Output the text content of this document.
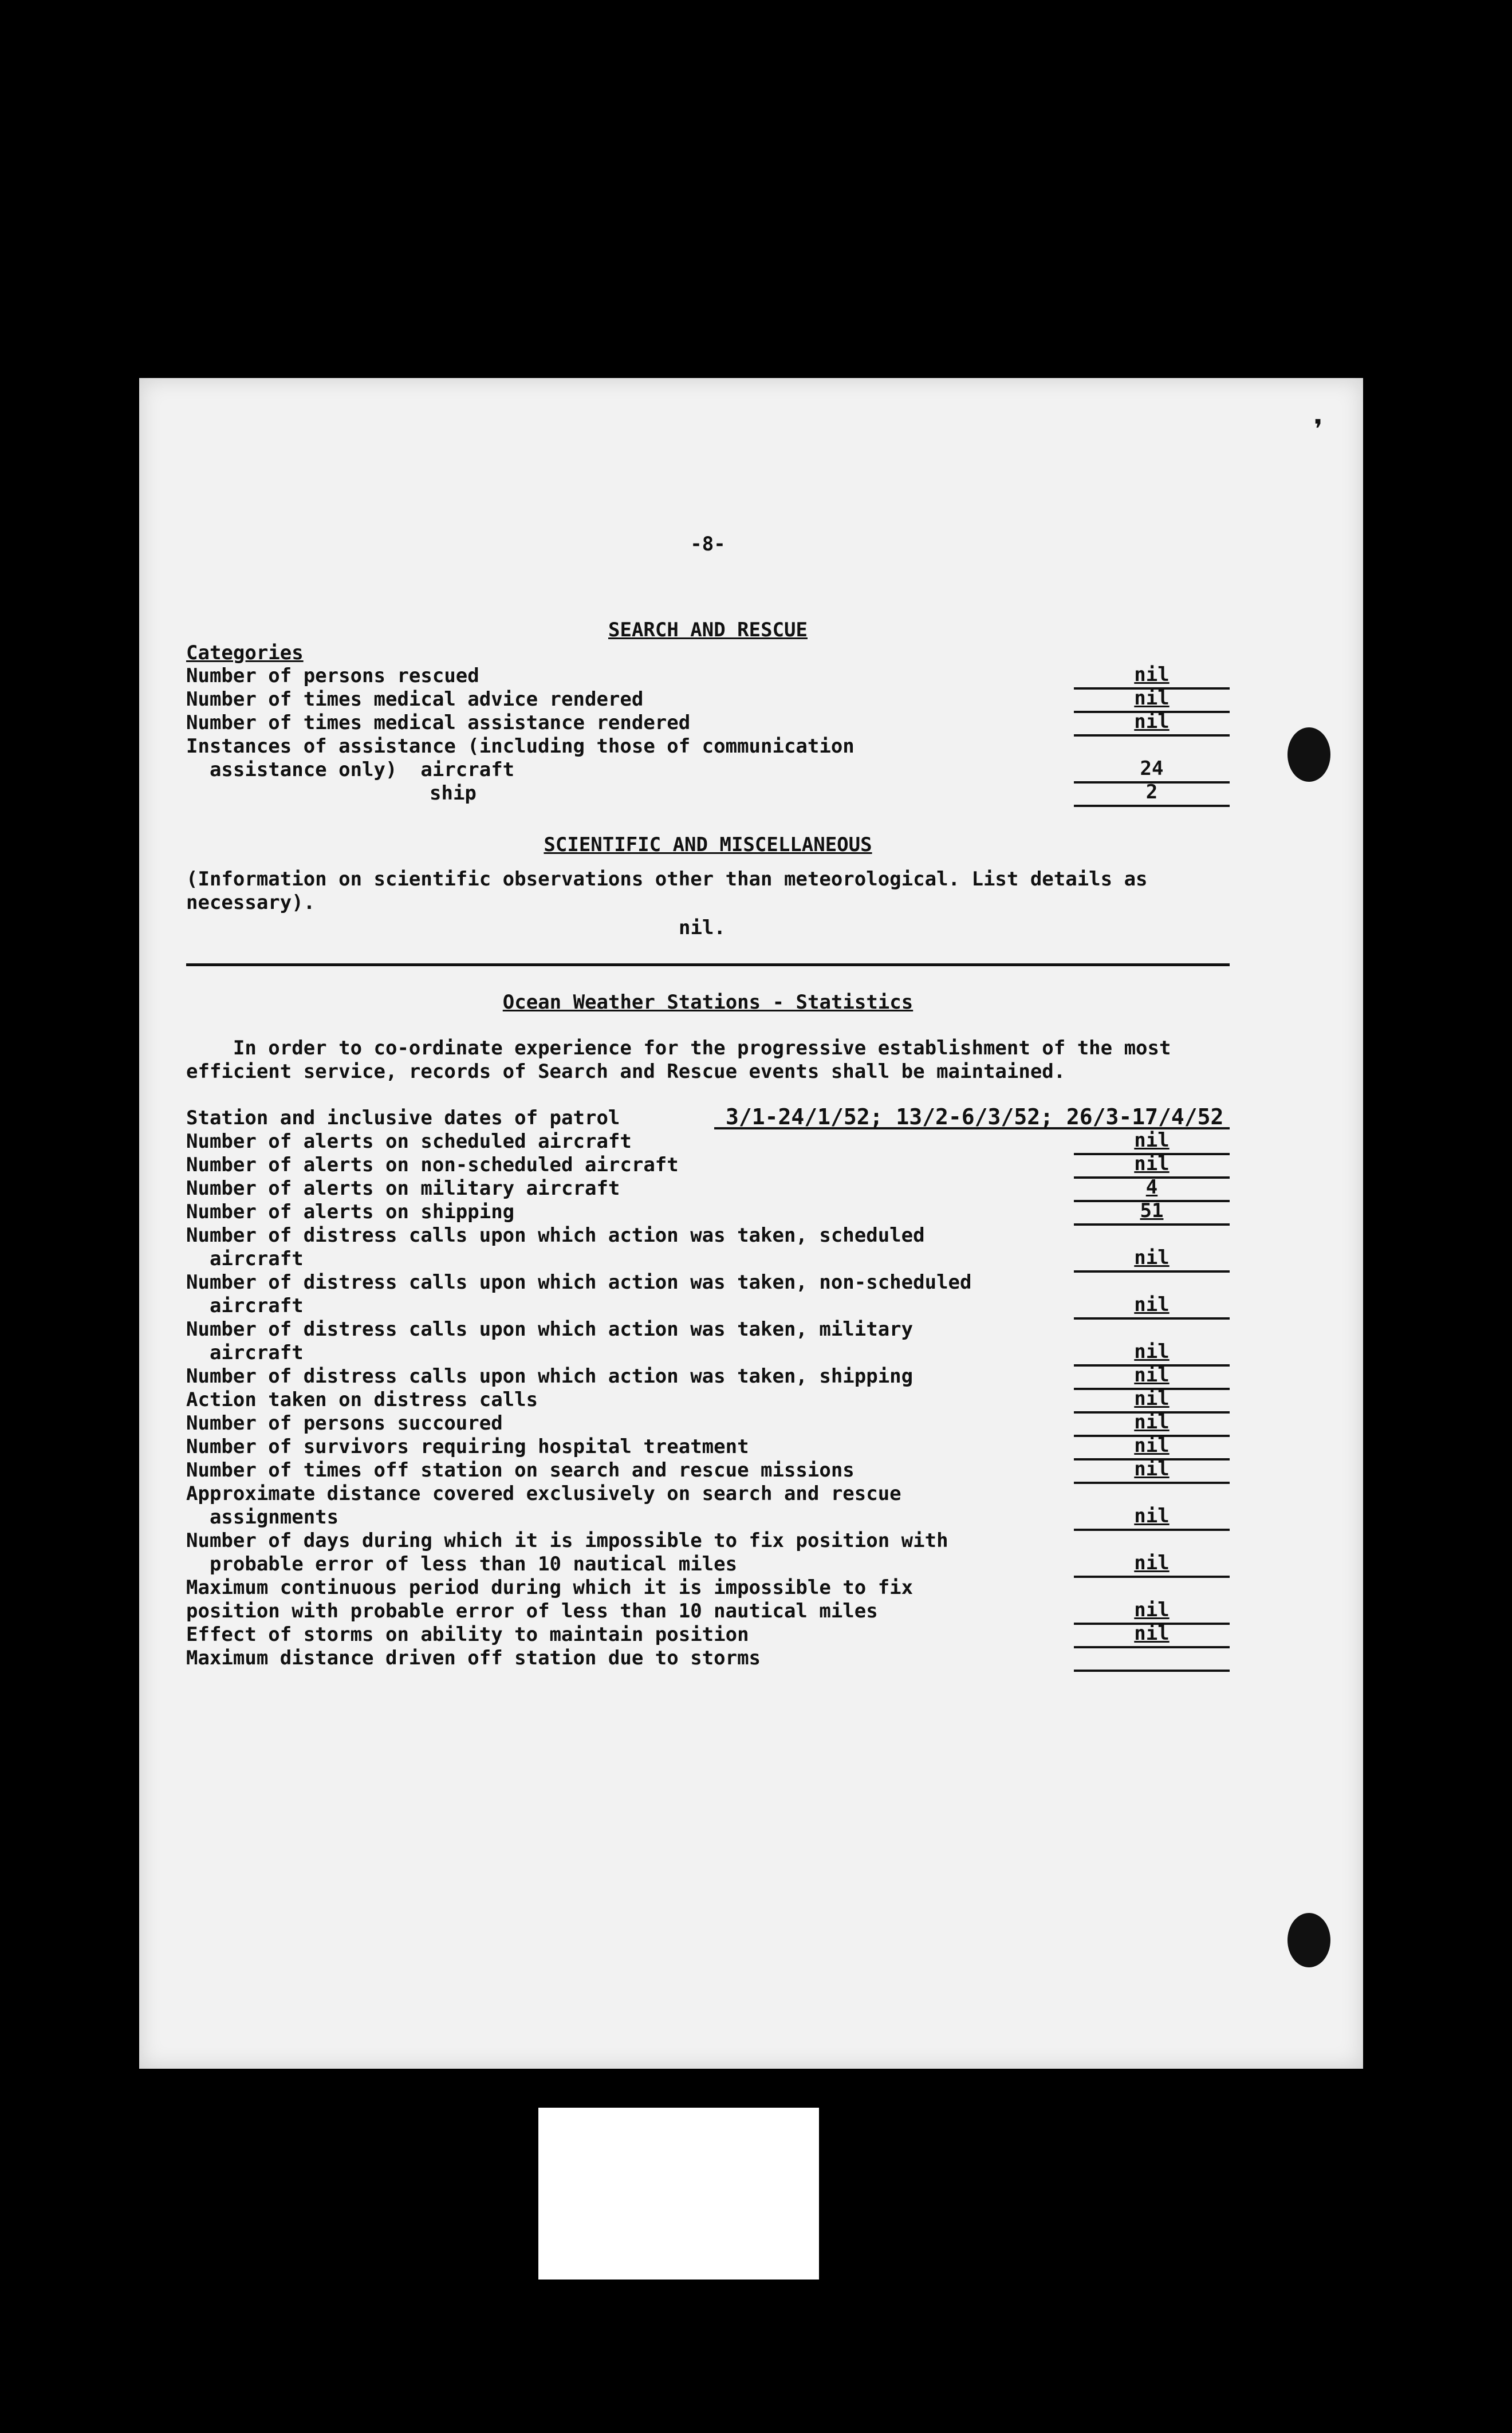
❜
-8-
SEARCH AND RESCUE
Categories
Number of persons rescued	nil
Number of times medical advice rendered	nil
Number of times medical assistance rendered	nil
Instances of assistance (including those of communication
assistance only)  aircraft	24
ship	2
SCIENTIFIC AND MISCELLANEOUS
(Information on scientific observations other than meteorological. List details as
necessary).
nil.
Ocean Weather Stations - Statistics
In order to co-ordinate experience for the progressive establishment of the most
efficient service, records of Search and Rescue events shall be maintained.
Station and inclusive dates of patrol	3/1-24/1/52; 13/2-6/3/52; 26/3-17/4/52
Number of alerts on scheduled aircraft	nil
Number of alerts on non-scheduled aircraft	nil
Number of alerts on military aircraft	4
Number of alerts on shipping	51
Number of distress calls upon which action was taken, scheduled
aircraft	nil
Number of distress calls upon which action was taken, non-scheduled
aircraft	nil
Number of distress calls upon which action was taken, military
aircraft	nil
Number of distress calls upon which action was taken, shipping	nil
Action taken on distress calls	nil
Number of persons succoured	nil
Number of survivors requiring hospital treatment	nil
Number of times off station on search and rescue missions	nil
Approximate distance covered exclusively on search and rescue
assignments	nil
Number of days during which it is impossible to fix position with
probable error of less than 10 nautical miles	nil
Maximum continuous period during which it is impossible to fix
position with probable error of less than 10 nautical miles	nil
Effect of storms on ability to maintain position	nil
Maximum distance driven off station due to storms
